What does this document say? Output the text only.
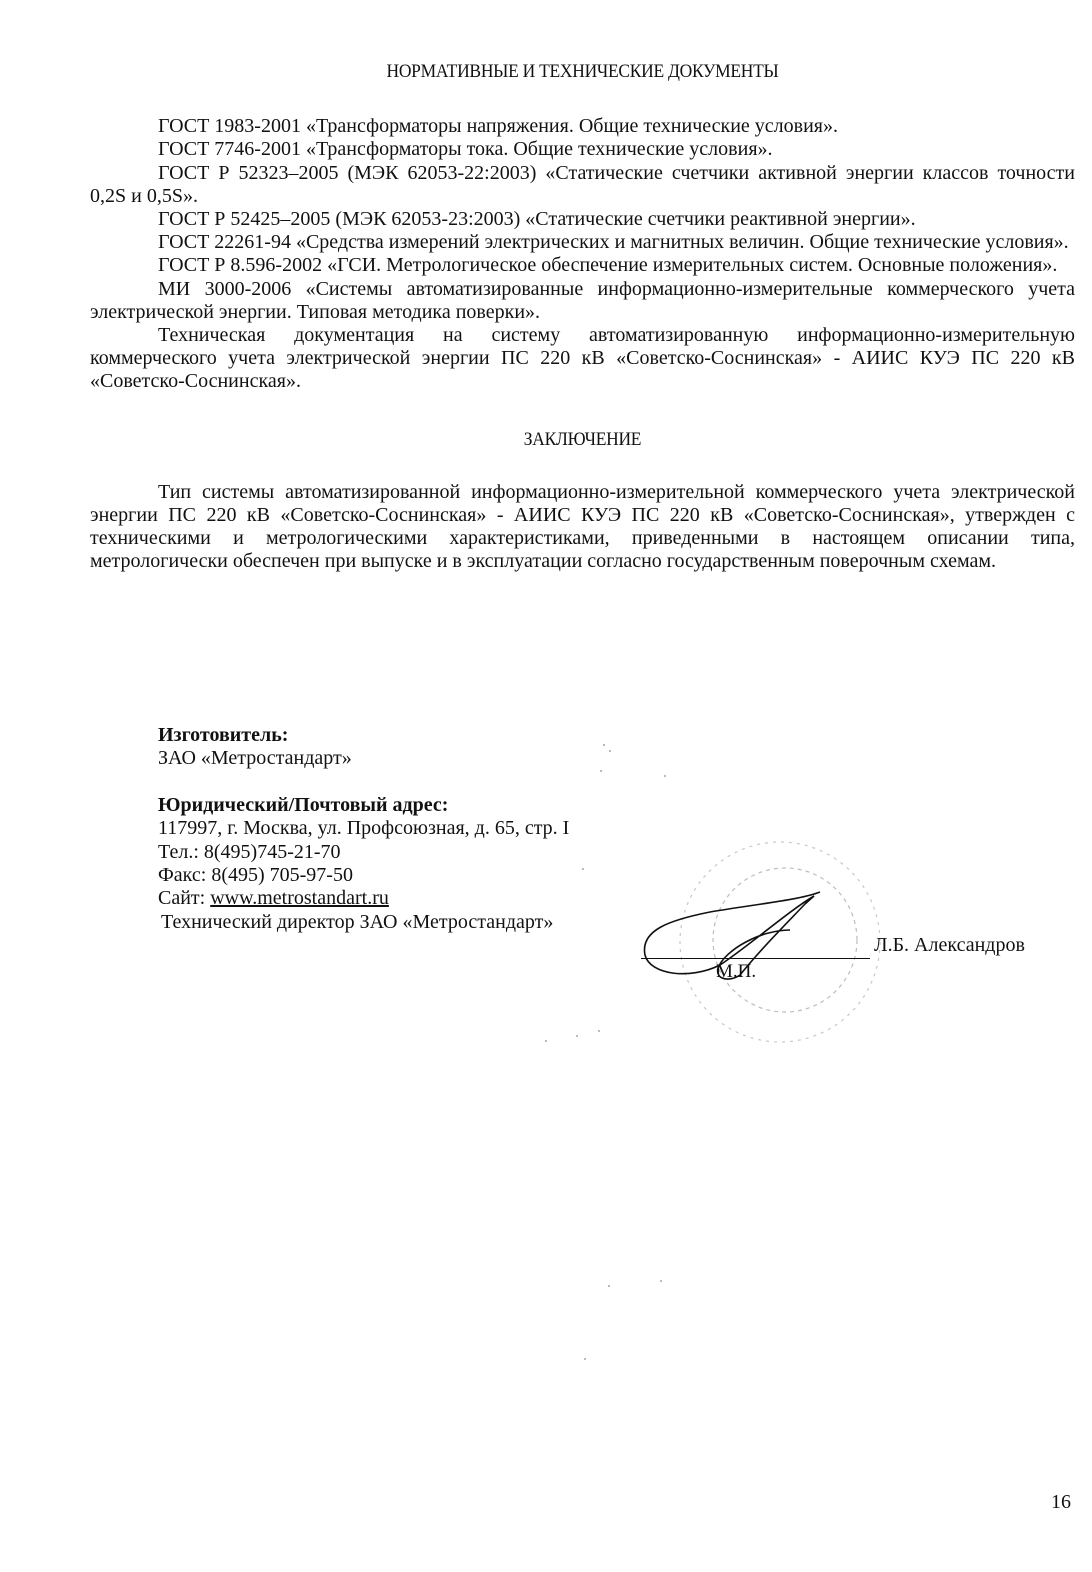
НОРМАТИВНЫЕ И ТЕХНИЧЕСКИЕ ДОКУМЕНТЫ

ГОСТ 1983-2001 «Трансформаторы напряжения. Общие технические условия».

ГОСТ 7746-2001 «Трансформаторы тока. Общие технические условия».

ГОСТ Р 52323–2005 (МЭК 62053-22:2003) «Статические счетчики активной энергии классов точности 0,2S и 0,5S».

ГОСТ Р 52425–2005 (МЭК 62053-23:2003) «Статические счетчики реактивной энергии».

ГОСТ 22261-94 «Средства измерений электрических и магнитных величин. Общие технические условия».

ГОСТ Р 8.596-2002 «ГСИ. Метрологическое обеспечение измерительных систем. Основные положения».

МИ 3000-2006 «Системы автоматизированные информационно-измерительные коммерческого учета электрической энергии. Типовая методика поверки».

Техническая документация на систему автоматизированную информационно-измерительную коммерческого учета электрической энергии ПС 220 кВ «Советско-Соснинская» - АИИС КУЭ ПС 220 кВ «Советско-Соснинская».

ЗАКЛЮЧЕНИЕ

Тип системы автоматизированной информационно-измерительной коммерческого учета электрической энергии ПС 220 кВ «Советско-Соснинская» - АИИС КУЭ ПС 220 кВ «Советско-Соснинская», утвержден с техническими и метрологическими характеристиками, приведенными в настоящем описании типа, метрологически обеспечен при выпуске и в эксплуатации согласно государственным поверочным схемам.

Изготовитель:
ЗАО «Метростандарт»
Юридический/Почтовый адрес:
117997, г. Москва, ул. Профсоюзная, д. 65, стр. I
Тел.: 8(495)745-21-70
Факс: 8(495) 705-97-50
Сайт: www.metrostandart.ru
Технический директор ЗАО «Метростандарт»
М.П.
Л.Б. Александров
16
